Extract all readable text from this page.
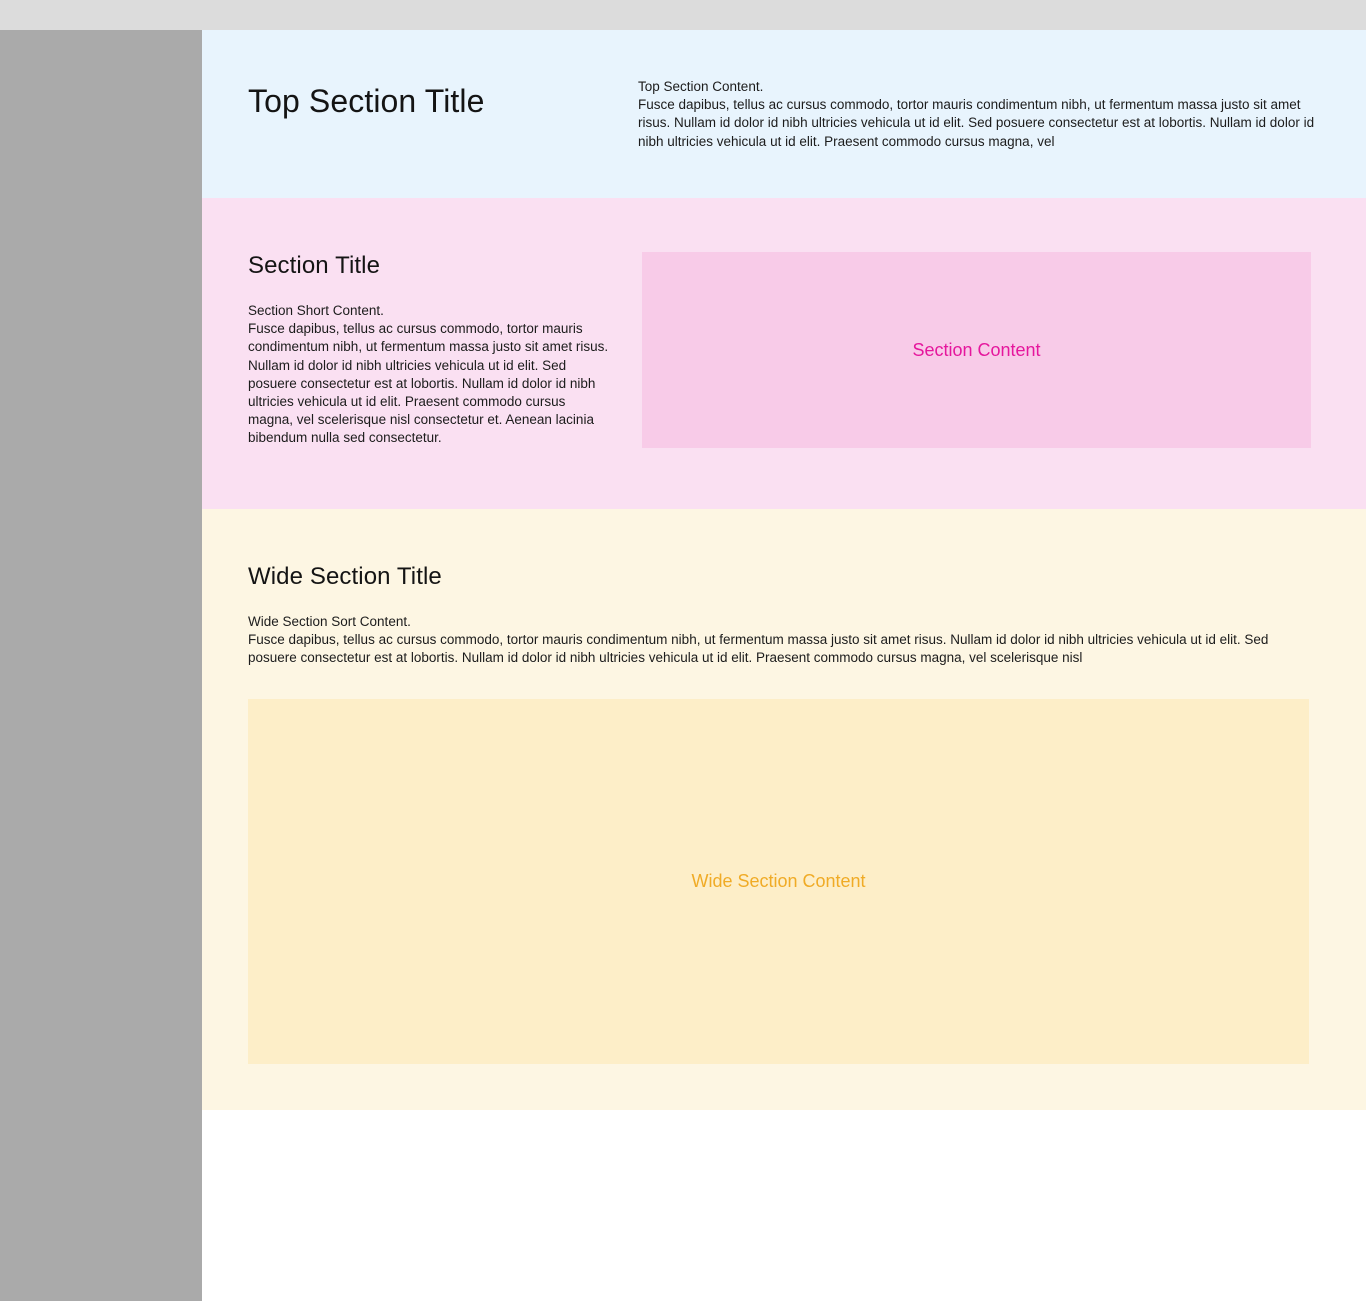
Top Section Title	Top Section Content.
Fusce dapibus, tellus ac cursus commodo, tortor mauris condimentum nibh, ut fermentum massa justo sit amet risus. Nullam id dolor id nibh ultricies vehicula ut id elit. Sed posuere consectetur est at lobortis. Nullam id dolor id nibh ultricies vehicula ut id elit. Praesent commodo cursus magna, vel

Section Title

Section Short Content.
Fusce dapibus, tellus ac cursus commodo, tortor mauris condimentum nibh, ut fermentum massa justo sit amet risus. Nullam id dolor id nibh ultricies vehicula ut id elit. Sed posuere consectetur est at lobortis. Nullam id dolor id nibh ultricies vehicula ut id elit. Praesent commodo cursus magna, vel scelerisque nisl consectetur et. Aenean lacinia bibendum nulla sed consectetur.

Section Content
Wide Section Title

Wide Section Sort Content.
Fusce dapibus, tellus ac cursus commodo, tortor mauris condimentum nibh, ut fermentum massa justo sit amet risus. Nullam id dolor id nibh ultricies vehicula ut id elit. Sed posuere consectetur est at lobortis. Nullam id dolor id nibh ultricies vehicula ut id elit. Praesent commodo cursus magna, vel scelerisque nisl

Wide Section Content
